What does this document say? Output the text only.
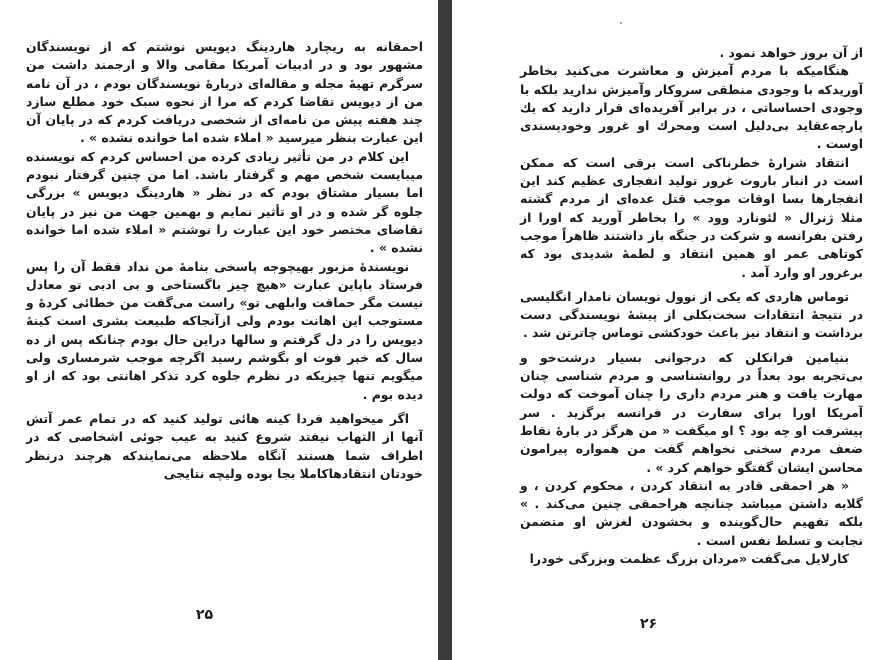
احمقانه به ریچارد هاردینگ دیویس نوشتم که از نویسندگان مشهور بود و در ادبیات آمریکا مقامی والا و ارجمند داشت من سرگرم تهیهٔ مجله و مقاله‌ای دربارهٔ نویسندگان بودم ، در آن نامه من از دیویس تقاضا کردم که مرا از نحوه سبک خود مطلع سازد چند هفته پیش من نامه‌ای از شخصی دریافت کردم که در پایان آن این عبارت بنظر میرسید « املاء شده اما خوانده نشده » .

این کلام در من تأثیر زیادی کرده من احساس کردم که نویسنده میبایست شخص مهم و گرفتار باشد. اما من چنین گرفتار نبودم اما بسیار مشتاق بودم که در نظر « هاردینگ دیویس » بزرگی جلوه گر شده و در او تأثیر نمایم و بهمین جهت من نیز در پایان تقاضای مختصر خود این عبارت را نوشتم « املاء شده اما خوانده نشده » .

نویسندهٔ مزبور بهیچوجه پاسخی بنامهٔ من نداد فقط آن را پس فرستاد باپاین عبارت «هیچ چیز باگستاخی و بی ادبی تو معادل نیست مگر حماقت وابلهی تو» راست می‌گفت من خطائی کردهٔ و مستوجب این اهانت بودم ولی ازآنجاکه طبیعت بشری است کینهٔ دیویس را در دل گرفتم و سالها دراین حال بودم چنانکه پس از ده سال که خبر فوت او بگوشم رسید اگرچه موجب شرمساری ولی میگویم تنها چیزیکه در نظرم جلوه کرد تذکر اهانتی بود که از او دیده بوم .

اگر میخواهید فردا کینه هائی تولید کنید که در تمام عمر آتش آنها از التهاب نیفتد شروع کنید به عیب جوئی اشخاصی که در اطراف شما هستند آنگاه ملاحظه می‌نمایندکه هرچند درنظر خودتان انتقادهاکاملا بجا بوده ولیچه نتایجی

۲۵

از آن بروز خواهد نمود .

هنگامیکه با مردم آمیزش و معاشرت می‌کنید بخاطر آوریدکه با وجودی منطقی سروکار وآمیزش ندارید بلکه با وجودی احساساتی ، در برابر آفریده‌ای قرار دارید که یك پارچه‌عقاید بی‌دلیل است ومحرك او غرور وخودپسندی اوست .

انتقاد شرارهٔ خطرناکی است برقی است که ممکن است در انبار باروت غرور تولید انفجاری عظیم کند این انفجارها بسا اوقات موجب قتل عده‌ای از مردم گشته مثلا ژنرال « لئونارد وود » را بخاطر آورید که اورا از رفتن بفرانسه و شرکت در جنگه باز داشتند ظاهراً موجب کوتاهی عمر او همین انتقاد و لطمهٔ شدیدی بود که برغرور او وارد آمد .

توماس هاردی که یکی از نوول نویسان نامدار انگلیسی در نتیجهٔ انتقادات سخت‌بکلی از پیشهٔ نویسندگی دست برداشت و انتقاد نیز باعث خودکشی توماس چاترتن شد .

بنیامین فرانکلن که درجوانی بسیار درشت‌خو و بی‌تجربه بود بعداً در روانشناسی و مردم شناسی چنان مهارت یافت و هنر مردم داری را چنان آموخت که دولت آمریکا اورا برای سفارت در فرانسه برگزید . سر پیشرفت او چه بود ؟ او میگفت « من هرگز در بارهٔ نقاط ضعف مردم سخنی نخواهم گفت من همواره پیرامون محاسن ایشان گفتگو خواهم کرد » .

« هر احمقی قادر به انتقاد کردن ، محکوم کردن ، و گلایه داشتن میباشد چنانچه هراحمقی چنین می‌کند . » بلکه تفهیم حال‌گوینده و بخشودن لغزش او متضمن نجابت و تسلط نفس است .

کارلایل می‌گفت «مردان بزرگ عظمت وبزرگی خودرا

۲۶
